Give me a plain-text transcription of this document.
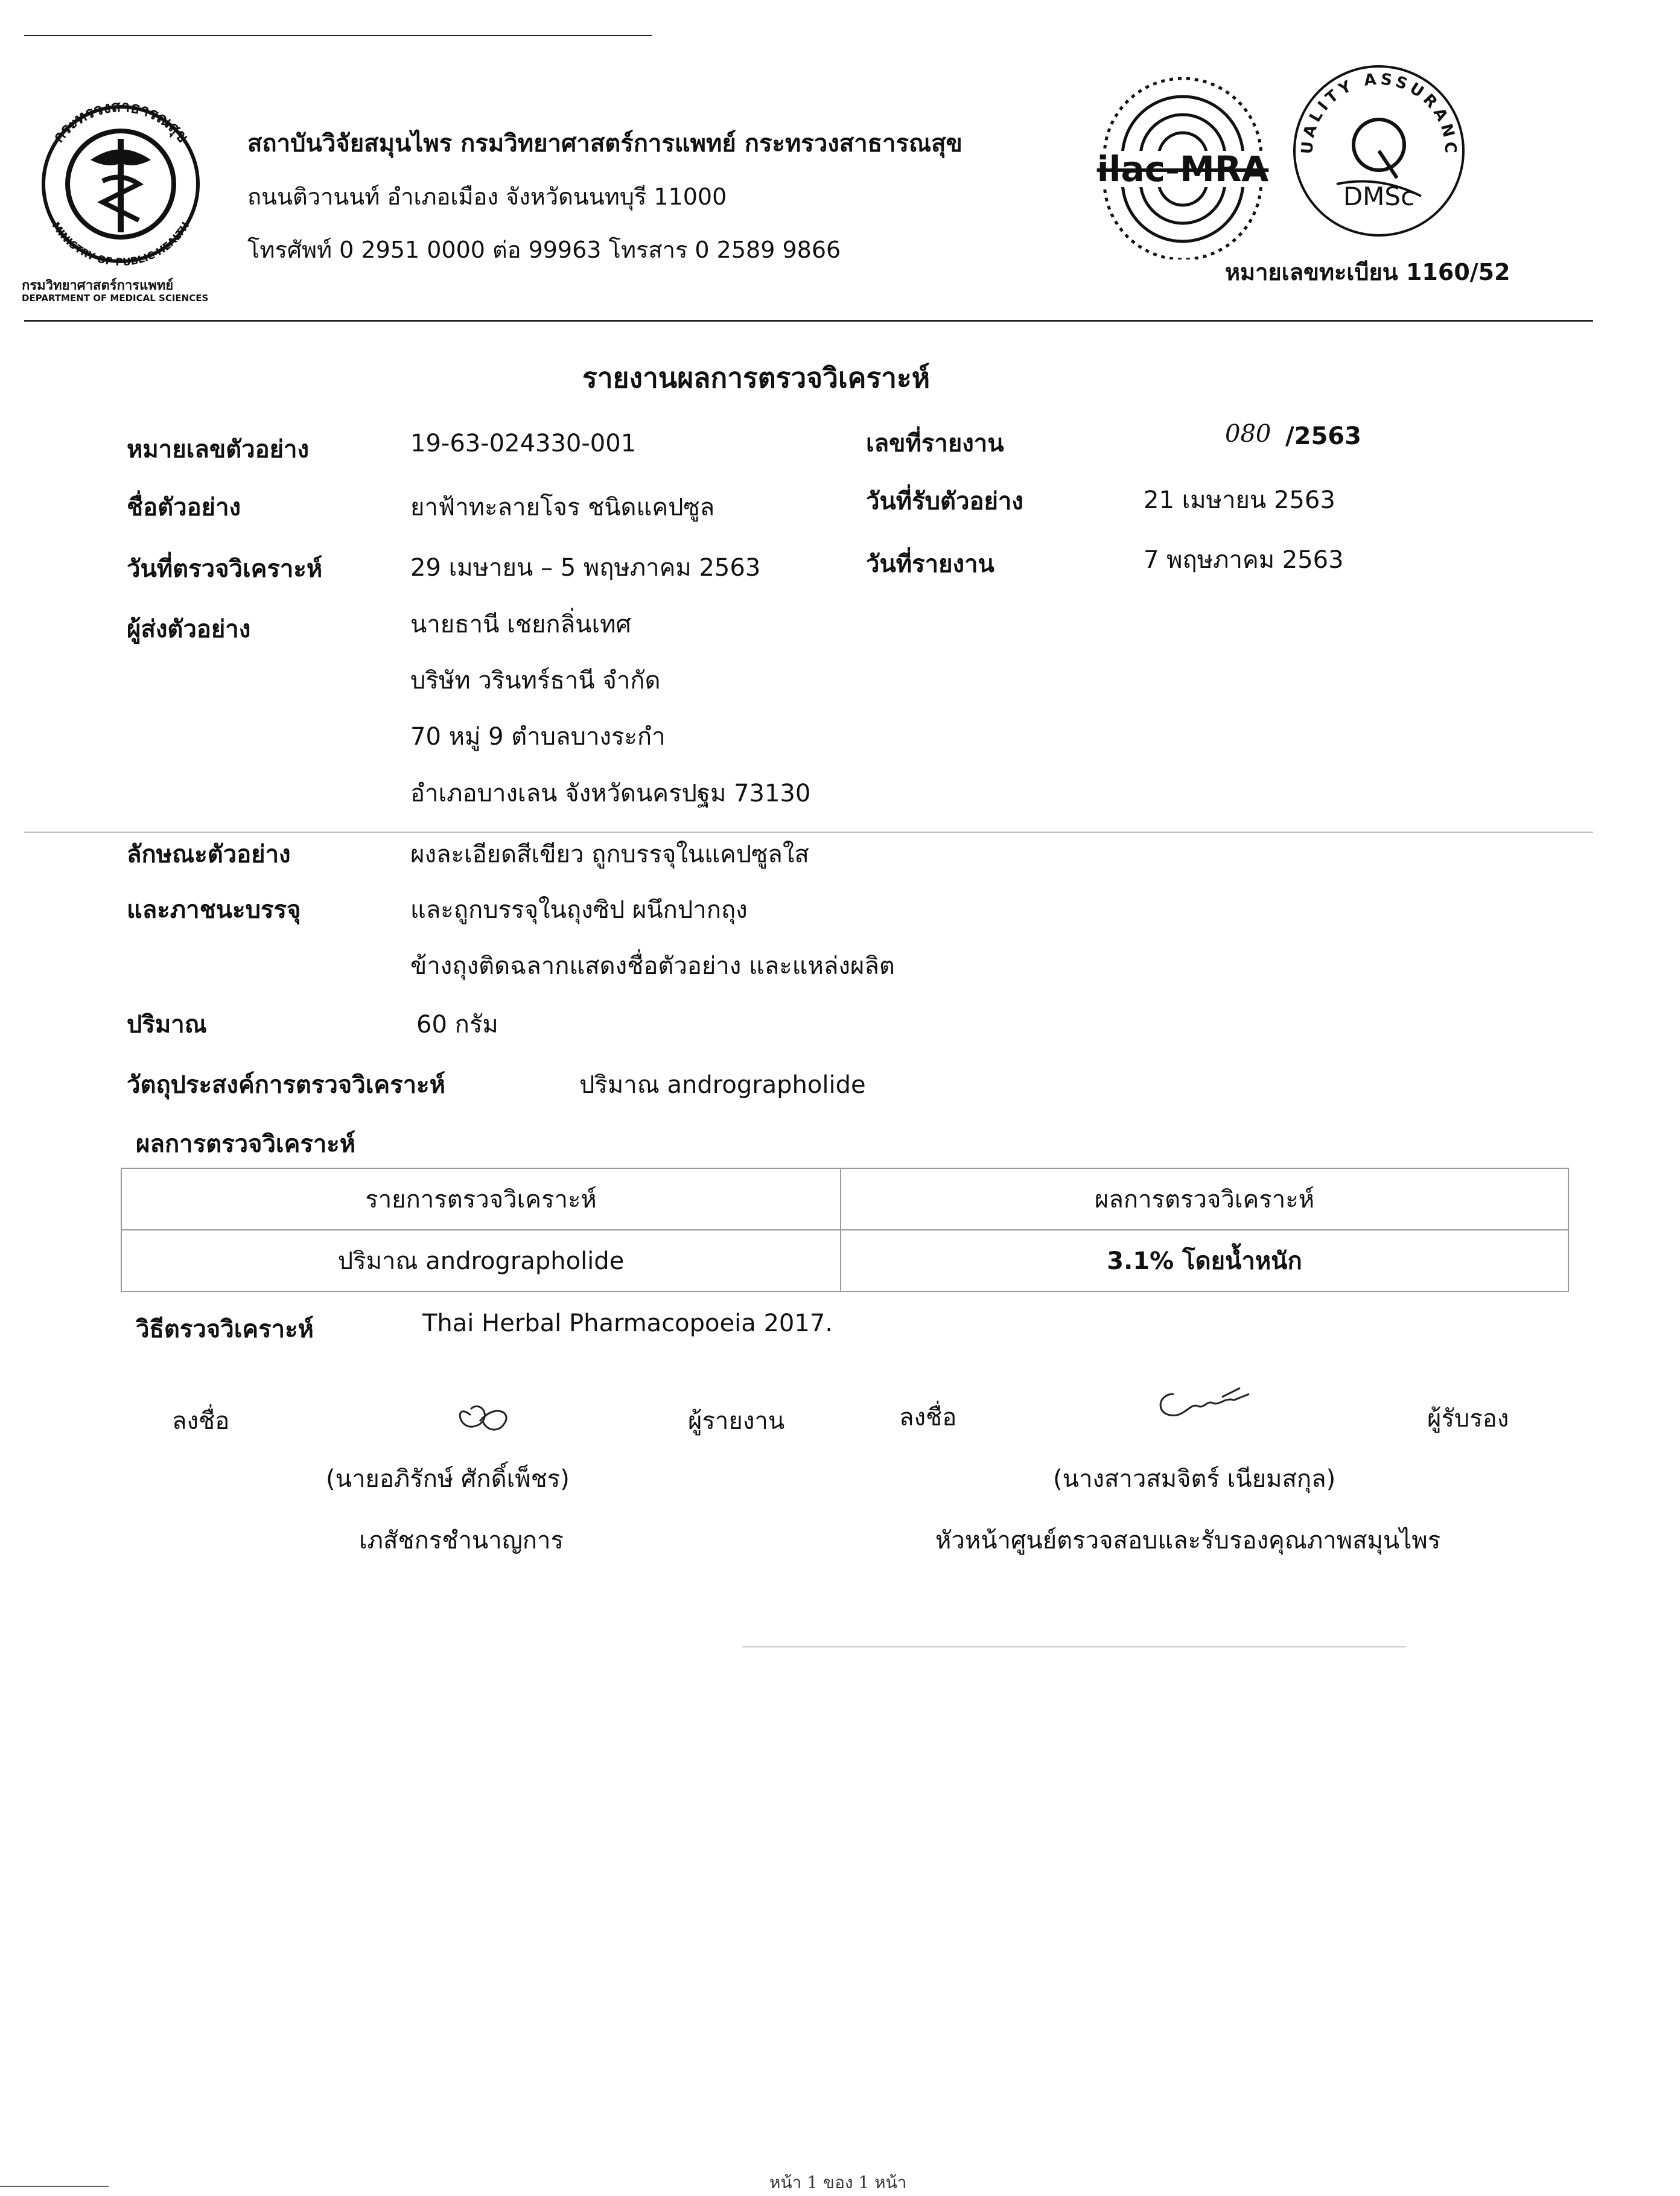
กระทรวงสาธารณสุข
MINISTRY OF PUBLIC HEALTH
กรมวิทยาศาสตร์การแพทย์
DEPARTMENT OF MEDICAL SCIENCES
สถาบันวิจัยสมุนไพร กรมวิทยาศาสตร์การแพทย์ กระทรวงสาธารณสุข
ถนนติวานนท์ อำเภอเมือง จังหวัดนนทบุรี 11000
โทรศัพท์ 0 2951 0000 ต่อ 99963 โทรสาร 0 2589 9866
ilac-MRA
UALITY ASSURANC
DMSc
หมายเลขทะเบียน 1160/52
รายงานผลการตรวจวิเคราะห์
หมายเลขตัวอย่าง	19-63-024330-001	เลขที่รายงาน	080 /2563
ชื่อตัวอย่าง	ยาฟ้าทะลายโจร ชนิดแคปซูล	วันที่รับตัวอย่าง	21 เมษายน 2563
วันที่ตรวจวิเคราะห์	29 เมษายน – 5 พฤษภาคม 2563	วันที่รายงาน	7 พฤษภาคม 2563
ผู้ส่งตัวอย่าง	นายธานี เชยกลิ่นเทศ
บริษัท วรินทร์ธานี จำกัด
70 หมู่ 9 ตำบลบางระกำ
อำเภอบางเลน จังหวัดนครปฐม 73130
ลักษณะตัวอย่าง
และภาชนะบรรจุ
ผงละเอียดสีเขียว ถูกบรรจุในแคปซูลใส
และถูกบรรจุในถุงซิป ผนึกปากถุง
ข้างถุงติดฉลากแสดงชื่อตัวอย่าง และแหล่งผลิต
ปริมาณ	60 กรัม
วัตถุประสงค์การตรวจวิเคราะห์	ปริมาณ andrographolide
ผลการตรวจวิเคราะห์
รายการตรวจวิเคราะห์	ผลการตรวจวิเคราะห์
ปริมาณ andrographolide	3.1% โดยน้ำหนัก
วิธีตรวจวิเคราะห์	Thai Herbal Pharmacopoeia 2017.
ลงชื่อ	ผู้รายงาน
(นายอภิรักษ์ ศักดิ์เพ็ชร)
เภสัชกรชำนาญการ
ลงชื่อ	ผู้รับรอง
(นางสาวสมจิตร์ เนียมสกุล)
หัวหน้าศูนย์ตรวจสอบและรับรองคุณภาพสมุนไพร
หน้า 1 ของ 1 หน้า
